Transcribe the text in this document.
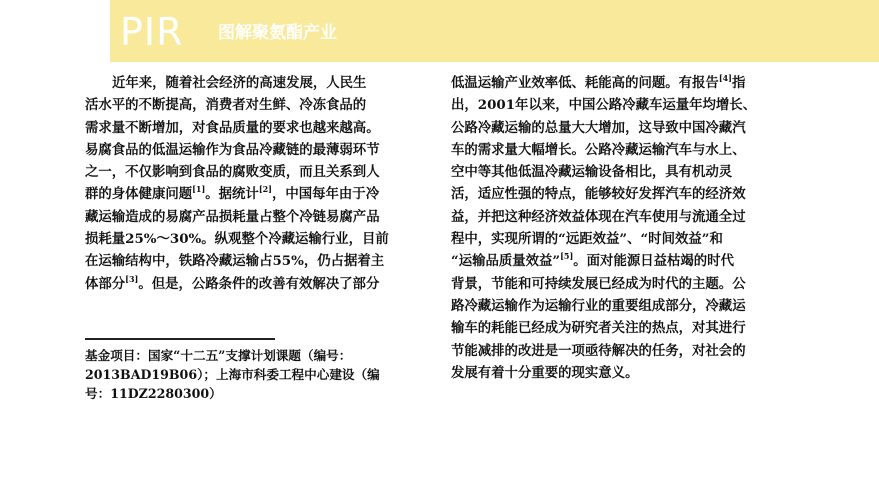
PIR 图解聚氨酯产业
近年来，随着社会经济的高速发展，人民生
活水平的不断提高，消费者对生鲜、冷冻食品的
需求量不断增加，对食品质量的要求也越来越高。
易腐食品的低温运输作为食品冷藏链的最薄弱环节
之一，不仅影响到食品的腐败变质，而且关系到人
群的身体健康问题[1]。据统计[2]，中国每年由于冷
藏运输造成的易腐产品损耗量占整个冷链易腐产品
损耗量25%～30%。纵观整个冷藏运输行业，目前
在运输结构中，铁路冷藏运输占55%，仍占据着主
体部分[3]。但是，公路条件的改善有效解决了部分
基金项目：国家“十二五”支撑计划课题（编号：
2013BAD19B06）；上海市科委工程中心建设（编
号：11DZ2280300）
低温运输产业效率低、耗能高的问题。有报告[4]指
出，2001年以来，中国公路冷藏车运量年均增长、
公路冷藏运输的总量大大增加，这导致中国冷藏汽
车的需求量大幅增长。公路冷藏运输汽车与水上、
空中等其他低温冷藏运输设备相比，具有机动灵
活，适应性强的特点，能够较好发挥汽车的经济效
益，并把这种经济效益体现在汽车使用与流通全过
程中，实现所谓的“远距效益”、“时间效益”和
“运输品质量效益”[5]。面对能源日益枯竭的时代
背景，节能和可持续发展已经成为时代的主题。公
路冷藏运输作为运输行业的重要组成部分，冷藏运
输车的耗能已经成为研究者关注的热点，对其进行
节能减排的改进是一项亟待解决的任务，对社会的
发展有着十分重要的现实意义。
